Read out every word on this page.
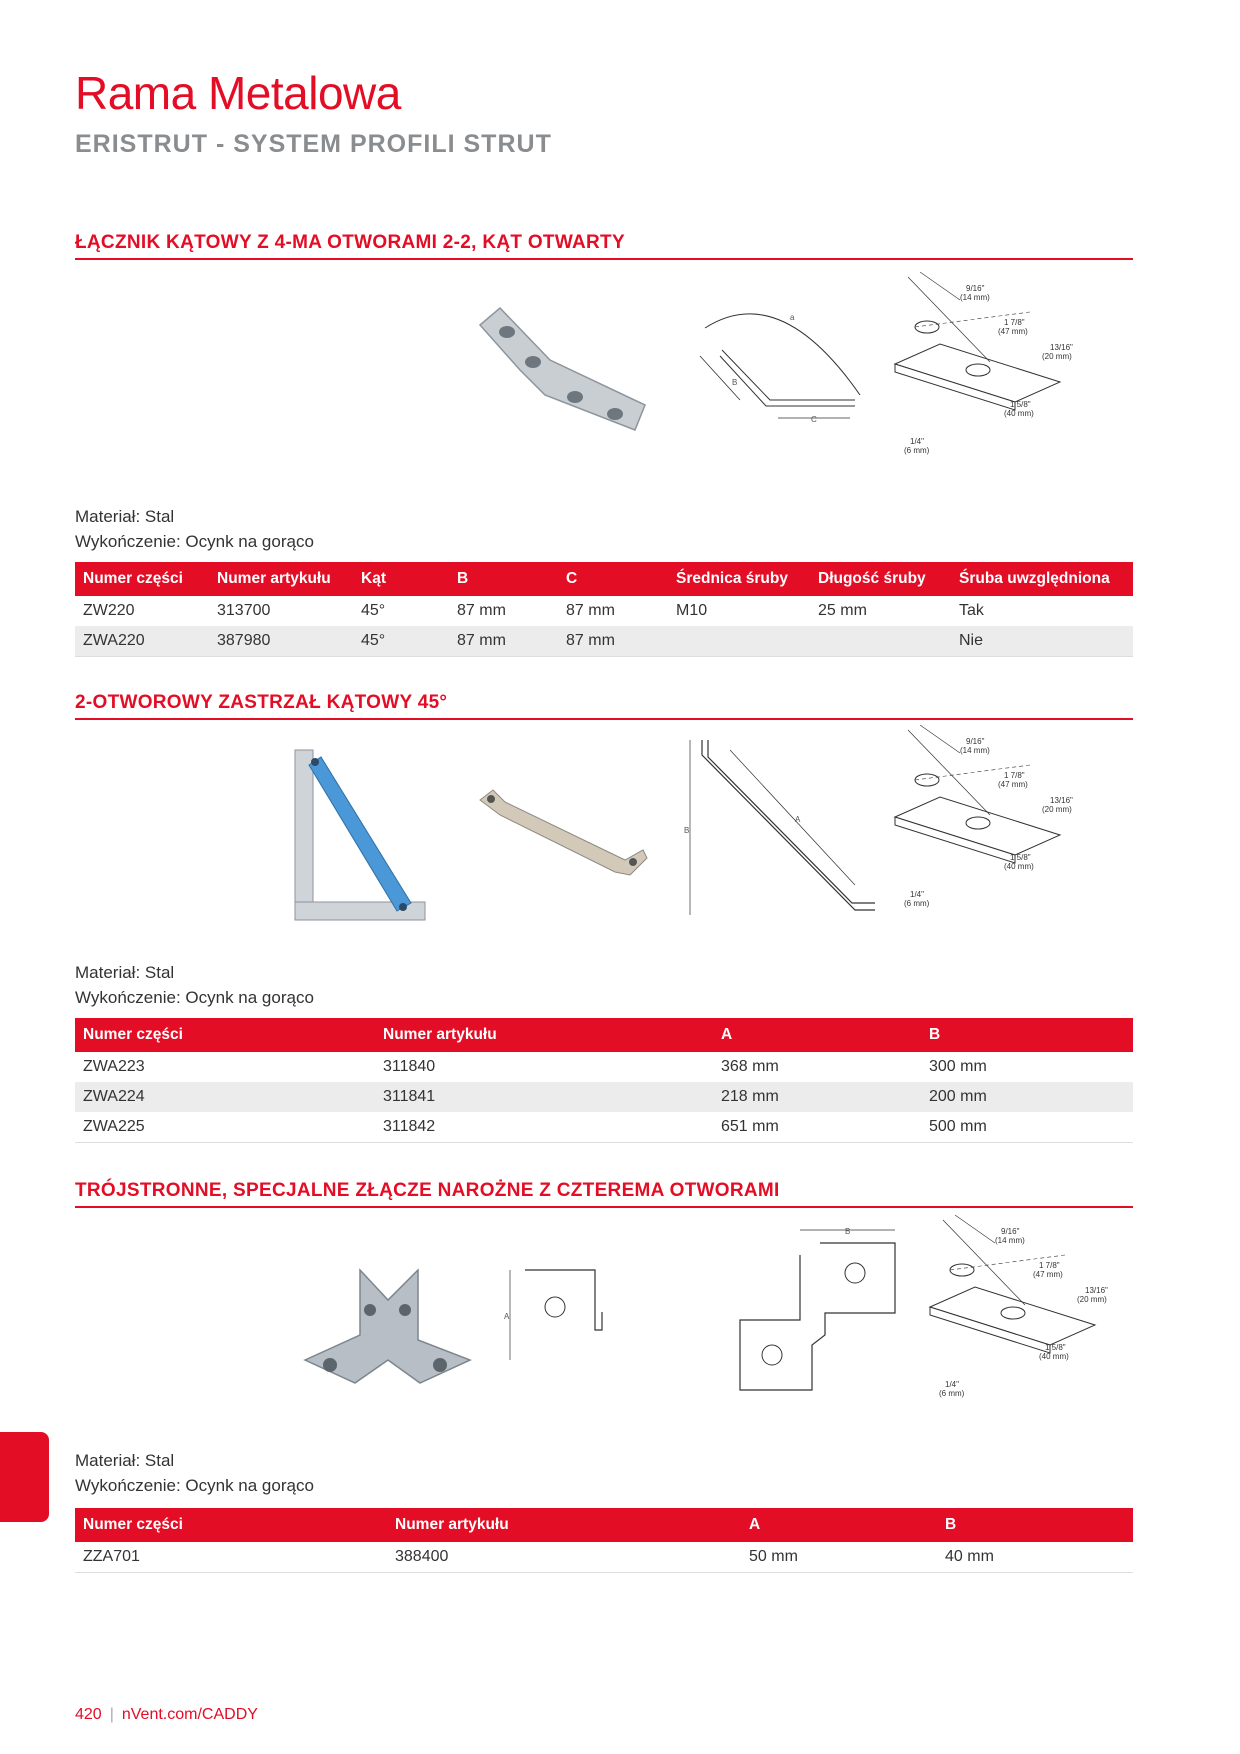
Rama Metalowa
ERISTRUT - SYSTEM PROFILI STRUT
ŁĄCZNIK KĄTOWY Z 4-MA OTWORAMI 2-2, KĄT OTWARTY
a
B
C
9/16"
(14 mm)
1 7/8"
(47 mm)
13/16"
(20 mm)
1 5/8"
(40 mm)
1/4"
(6 mm)
Materiał: Stal
Wykończenie: Ocynk na gorąco
Numer części	Numer artykułu	Kąt	B	C	Średnica śruby	Długość śruby	Śruba uwzględniona
ZW220	313700	45°	87 mm	87 mm	M10	25 mm	Tak
ZWA220	387980	45°	87 mm	87 mm			Nie
2-OTWOROWY ZASTRZAŁ KĄTOWY 45°
B
A
9/16"
(14 mm)
1 7/8"
(47 mm)
13/16"
(20 mm)
1 5/8"
(40 mm)
1/4"
(6 mm)
Materiał: Stal
Wykończenie: Ocynk na gorąco
Numer części	Numer artykułu	A	B
ZWA223	311840	368 mm	300 mm
ZWA224	311841	218 mm	200 mm
ZWA225	311842	651 mm	500 mm
TRÓJSTRONNE, SPECJALNE ZŁĄCZE NAROŻNE Z CZTEREMA OTWORAMI
A
B	9/16"
(14 mm)
1 7/8"
(47 mm)
13/16"
(20 mm)
1 5/8"
(40 mm)
1/4"
(6 mm)
Materiał: Stal
Wykończenie: Ocynk na gorąco
Numer części	Numer artykułu	A	B
ZZA701	388400	50 mm	40 mm
420 | nVent.com/CADDY
